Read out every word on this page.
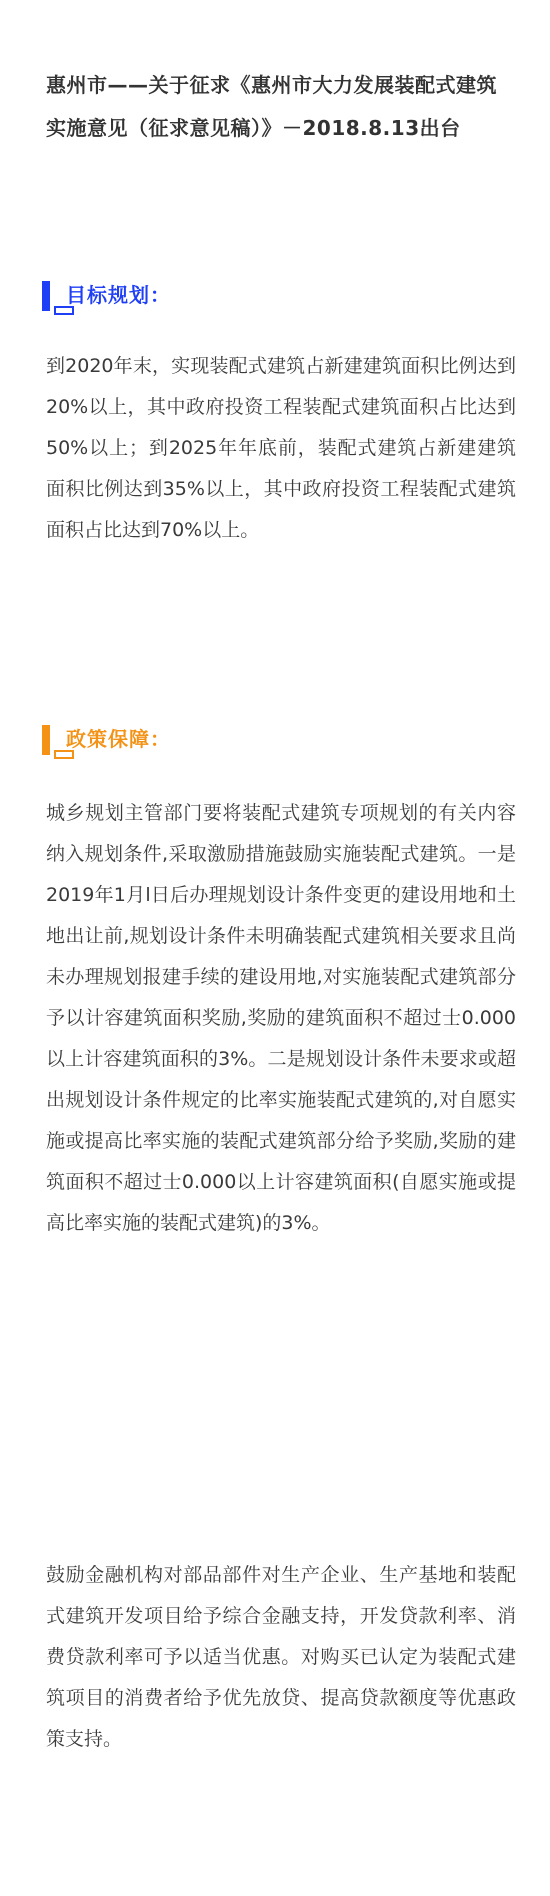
惠州市——关于征求《惠州市大力发展装配式建筑实施意见（征求意见稿）》－2018.8.13出台
目标规划：

到2020年末，实现装配式建筑占新建建筑面积比例达到20%以上，其中政府投资工程装配式建筑面积占比达到50%以上；到2025年年底前，装配式建筑占新建建筑面积比例达到35%以上，其中政府投资工程装配式建筑面积占比达到70%以上。

政策保障：

城乡规划主管部门要将装配式建筑专项规划的有关内容纳入规划条件,采取激励措施鼓励实施装配式建筑。一是2019年1月l日后办理规划设计条件变更的建设用地和土地出让前,规划设计条件未明确装配式建筑相关要求且尚未办理规划报建手续的建设用地,对实施装配式建筑部分予以计容建筑面积奖励,奖励的建筑面积不超过士0.000以上计容建筑面积的3%。二是规划设计条件未要求或超出规划设计条件规定的比率实施装配式建筑的,对自愿实施或提高比率实施的装配式建筑部分给予奖励,奖励的建筑面积不超过士0.000以上计容建筑面积(自愿实施或提高比率实施的装配式建筑)的3%。

鼓励金融机构对部品部件对生产企业、生产基地和装配式建筑开发项目给予综合金融支持，开发贷款利率、消费贷款利率可予以适当优惠。对购买已认定为装配式建筑项目的消费者给予优先放贷、提高贷款额度等优惠政策支持。
